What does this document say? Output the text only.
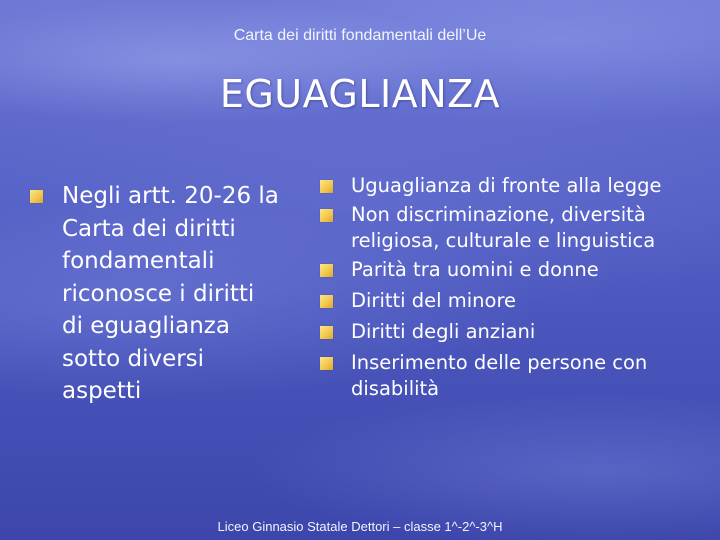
Carta dei diritti fondamentali dell’Ue
EGUAGLIANZA
Negli artt. 20-26 la Carta dei diritti fondamentali riconosce i diritti di eguaglianza sotto diversi aspetti
Uguaglianza di fronte alla legge
Non discriminazione, diversità religiosa, culturale e linguistica
Parità tra uomini e donne
Diritti del minore
Diritti degli anziani
Inserimento delle persone con disabilità
Liceo Ginnasio Statale Dettori – classe 1^-2^-3^H
